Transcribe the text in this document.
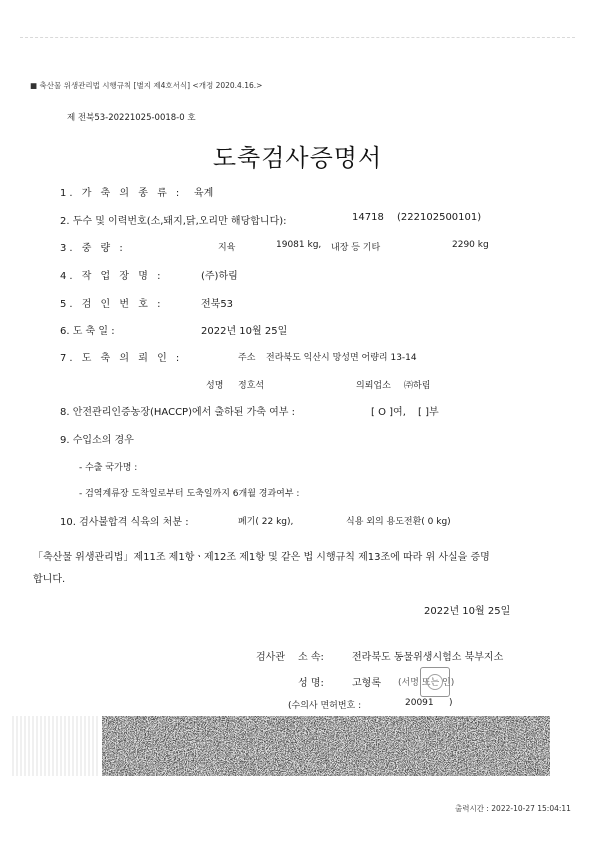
■ 축산물 위생관리법 시행규칙 [별지 제4호서식] <개정 2020.4.16.>
제 전북53-20221025-0018-0 호
도축검사증명서
1. 가 축 의 종 류 : 육계
2. 두수 및 이력번호(소,돼지,닭,오리만 해당합니다):	14718 (222102500101)
3. 중 량 :	지육	19081 kg, 내장 등 기타	2290 kg
4. 작 업 장 명 :	(주)하림
5. 검 인 번 호 :	전북53
6. 도 축 일 :	2022년 10월 25일
7. 도 축 의 뢰 인 :	주소 전라북도 익산시 망성면 어량리 13-14
성명 정호석	의뢰업소 ㈜하림
8. 안전관리인증농장(HACCP)에서 출하된 가축 여부 :	[ O ]여, [ ]부
9. 수입소의 경우
- 수출 국가명 :
- 검역계류장 도착일로부터 도축일까지 6개월 경과여부 :
10. 검사불합격 식육의 처분 :	폐기( 22 kg),	식용 외의 용도전환( 0 kg)
「축산물 위생관리법」제11조 제1항ㆍ제12조 제1항 및 같은 법 시행규칙 제13조에 따라 위 사실을 증명
합니다.
2022년 10월 25일
검사관 소 속:	전라북도 동물위생시험소 북부지소
성 명:	고형록 (서명 또는 인)
(수의사 면허번호 :	20091 )
출력시간 : 2022-10-27 15:04:11
